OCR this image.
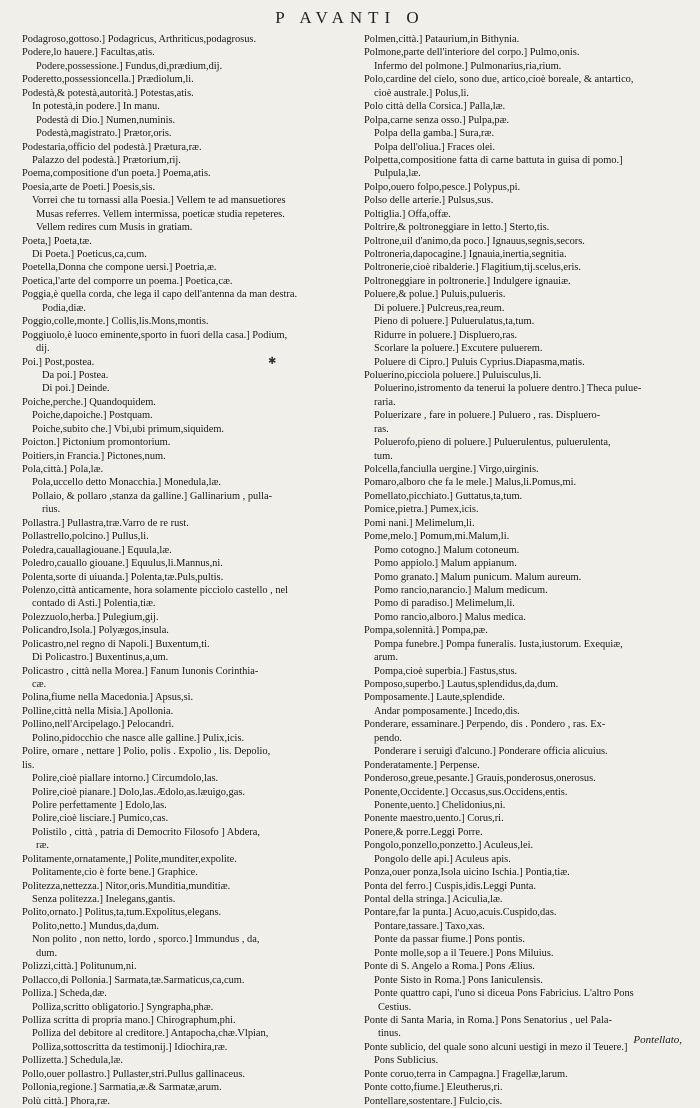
P AVANTI O
✱
Podagroso,gottoso.] Podagricus, Arthriticus,podagrosus.
Podere,lo hauere.] Facultas,atis.
Podere,possessione.] Fundus,di,prædium,dij.
Poderetto,possessioncella.] Prædiolum,li.
Podestà,& potestà,autorità.] Potestas,atis.
In potestà,in podere.] In manu.
Podestà di Dio.] Numen,numinis.
Podestà,magistrato.] Prætor,oris.
Podestaria,officio del podestà.] Prætura,ræ.
Palazzo del podestà.] Prætorium,rij.
Poema,compositione d'un poeta.] Poema,atis.
Poesia,arte de Poeti.] Poesis,sis.
Vorrei che tu tornassi alla Poesia.] Vellem te ad mansuetiores
Musas referres. Vellem intermissa, poeticæ studia repeteres.
Vellem redires cum Musis in gratiam.
Poeta,] Poeta,tæ.
Di Poeta.] Poeticus,ca,cum.
Poetella,Donna che compone uersi.] Poetria,æ.
Poetica,l'arte del comporre un poema.] Poetica,cæ.
Poggia,è quella corda, che lega il capo dell'antenna da man destra.
Podia,diæ.
Poggio,colle,monte.] Collis,lis.Mons,montis.
Poggiuolo,è luoco eminente,sporto in fuori della casa.] Podium,
dij.
Poi.] Post,postea.
Da poi.] Postea.
Di poi.] Deinde.
Poiche,perche.] Quandoquidem.
Poiche,dapoiche.] Postquam.
Poiche,subito che.] Vbi,ubi primum,siquidem.
Poicton.] Pictonium promontorium.
Poitiers,in Francia.] Pictones,num.
Pola,città.] Pola,læ.
Pola,uccello detto Monacchia.] Monedula,læ.
Pollaio, & pollaro ,stanza da galline.] Gallinarium , pulla-
rius.
Pollastra.] Pullastra,træ.Varro de re rust.
Pollastrello,polcino.] Pullus,li.
Poledra,cauallagiouane.] Equula,læ.
Poledro,cauallo giouane.] Equulus,li.Mannus,ni.
Polenta,sorte di uiuanda.] Polenta,tæ.Puls,pultis.
Polenzo,città anticamente, hora solamente picciolo castello , nel
contado di Asti.] Polentia,tiæ.
Polezzuolo,herba.] Pulegium,gij.
Policandro,Isola.] Polyægos,insula.
Policastro,nel regno di Napoli.] Buxentum,ti.
Di Policastro.] Buxentinus,a,um.
Policastro , città nella Morea.] Fanum Iunonis Corinthia-
cæ.
Polina,fiume nella Macedonia.] Apsus,si.
Polline,città nella Misia.] Apollonia.
Pollino,nell'Arcipelago.] Pelocandri.
Polino,pidocchio che nasce alle galline.] Pulix,icis.
Polire, ornare , nettare ] Polio, polis . Expolio , lis. Depolio,
lis.
Polire,cioè piallare intorno.] Circumdolo,las.
Polire,cioè pianare.] Dolo,las.Ædolo,as.læuigo,gas.
Polire perfettamente ] Edolo,las.
Polire,cioè lisciare.] Pumico,cas.
Polistilo , città , patria di Democrito Filosofo ] Abdera,
ræ.
Politamente,ornatamente,] Polite,munditer,expolite.
Politamente,cio è forte bene.] Graphice.
Politezza,nettezza.] Nitor,oris.Munditia,munditiæ.
Senza politezza.] Inelegans,gantis.
Polito,ornato.] Politus,ta,tum.Expolitus,elegans.
Polito,netto.] Mundus,da,dum.
Non polito , non netto, lordo , sporco.] Immundus , da,
dum.
Polizzi,città.] Politunum,ni.
Pollacco,di Pollonia.] Sarmata,tæ.Sarmaticus,ca,cum.
Polliza.] Scheda,dæ.
Polliza,scritto obligatorio.] Syngrapha,phæ.
Polliza scritta di propria mano.] Chirographum,phi.
Polliza del debitore al creditore.] Antapocha,chæ.Vlpian,
Polliza,sottoscritta da testimonij.] Idiochira,ræ.
Pollizetta.] Schedula,læ.
Pollo,ouer pollastro.] Pullaster,stri.Pullus gallinaceus.
Pollonia,regione.] Sarmatia,æ.& Sarmatæ,arum.
Polù città.] Phora,ræ.
Polmen,città.] Pataurium,in Bithynia.
Polmone,parte dell'interiore del corpo.] Pulmo,onis.
Infermo del polmone.] Pulmonarius,ria,rium.
Polo,cardine del cielo, sono due, artico,cioè boreale, & antartico,
cioè australe.] Polus,li.
Polo città della Corsica.] Palla,læ.
Polpa,carne senza osso.] Pulpa,pæ.
Polpa della gamba.] Sura,ræ.
Polpa dell'oliua.] Fraces olei.
Polpetta,compositione fatta di carne battuta in guisa di pomo.]
Pulpula,læ.
Polpo,ouero folpo,pesce.] Polypus,pi.
Polso delle arterie.] Pulsus,sus.
Poltiglia.] Offa,offæ.
Poltrire,& poltroneggiare in letto.] Sterto,tis.
Poltrone,uil d'animo,da poco.] Ignauus,segnis,secors.
Poltroneria,dapocagine.] Ignauia,inertia,segnitia.
Poltronerie,cioè ribalderie.] Flagitium,tij.scelus,eris.
Poltroneggiare in poltronerie.] Indulgere ignauiæ.
Poluere,& polue.] Puluis,pulueris.
Di poluere.] Pulcreus,rea,reum.
Pieno di poluere.] Puluerulatus,ta,tum.
Ridurre in poluere.] Displuero,ras.
Scorlare la poluere.] Excutere puluerem.
Poluere di Cipro.] Puluis Cyprius.Diapasma,matis.
Poluerino,picciola poluere.] Puluisculus,li.
Poluerino,istromento da tenerui la poluere dentro.] Theca pulue-
raria.
Poluerizare , fare in poluere.] Puluero , ras. Displuero-
ras.
Poluerofo,pieno di poluere.] Puluerulentus, puluerulenta,
tum.
Polcella,fanciulla uergine.] Virgo,uirginis.
Pomaro,alboro che fa le mele.] Malus,li.Pomus,mi.
Pomellato,picchiato.] Guttatus,ta,tum.
Pomice,pietra.] Pumex,icis.
Pomi nani.] Melimelum,li.
Pome,melo.] Pomum,mi.Malum,li.
Pomo cotogno.] Malum cotoneum.
Pomo appiolo.] Malum appianum.
Pomo granato.] Malum punicum. Malum aureum.
Pomo rancio,narancio.] Malum medicum.
Pomo di paradiso.] Melimelum,li.
Pomo rancio,alboro.] Malus medica.
Pompa,solennità.] Pompa,pæ.
Pompa funebre.] Pompa funeralis. Iusta,iustorum. Exequiæ,
arum.
Pompa,cioè superbia.] Fastus,stus.
Pomposo,superbo.] Lautus,splendidus,da,dum.
Pomposamente.] Laute,splendide.
Andar pomposamente.] Incedo,dis.
Ponderare, essaminare.] Perpendo, dis . Pondero , ras. Ex-
pendo.
Ponderare i seruigi d'alcuno.] Ponderare officia alicuius.
Ponderatamente.] Perpense.
Ponderoso,greue,pesante.] Grauis,ponderosus,onerosus.
Ponente,Occidente.] Occasus,sus.Occidens,entis.
Ponente,uento.] Chelidonius,ni.
Ponente maestro,uento.] Corus,ri.
Ponere,& porre.Leggi Porre.
Pongolo,ponzello,ponzetto.] Aculeus,lei.
Pongolo delle api.] Aculeus apis.
Ponza,ouer ponza,Isola uicino Ischia.] Pontia,tiæ.
Ponta del ferro.] Cuspis,idis.Leggi Punta.
Pontal della stringa.] Aciculia,læ.
Pontare,far la punta.] Acuo,acuis.Cuspido,das.
Pontare,tassare.] Taxo,xas.
Ponte da passar fiume.] Pons pontis.
Ponte molle,sop a il Teuere.] Pons Miluius.
Ponte di S. Angelo a Roma.] Pons Ælius.
Ponte Sisto in Roma.] Pons Ianiculensis.
Ponte quattro capi, l'uno si diceua Pons Fabricius. L'altro Pons
Cestius.
Ponte di Santa Maria, in Roma.] Pons Senatorius , uel Pala-
tinus.
Ponte sublicio, del quale sono alcuni uestigi in mezo il Teuere.]
Pons Sublicius.
Ponte coruo,terra in Campagna.] Fragellæ,larum.
Ponte cotto,fiume.] Eleutherus,ri.
Pontellare,sostentare.] Fulcio,cis.
Pontellato,
